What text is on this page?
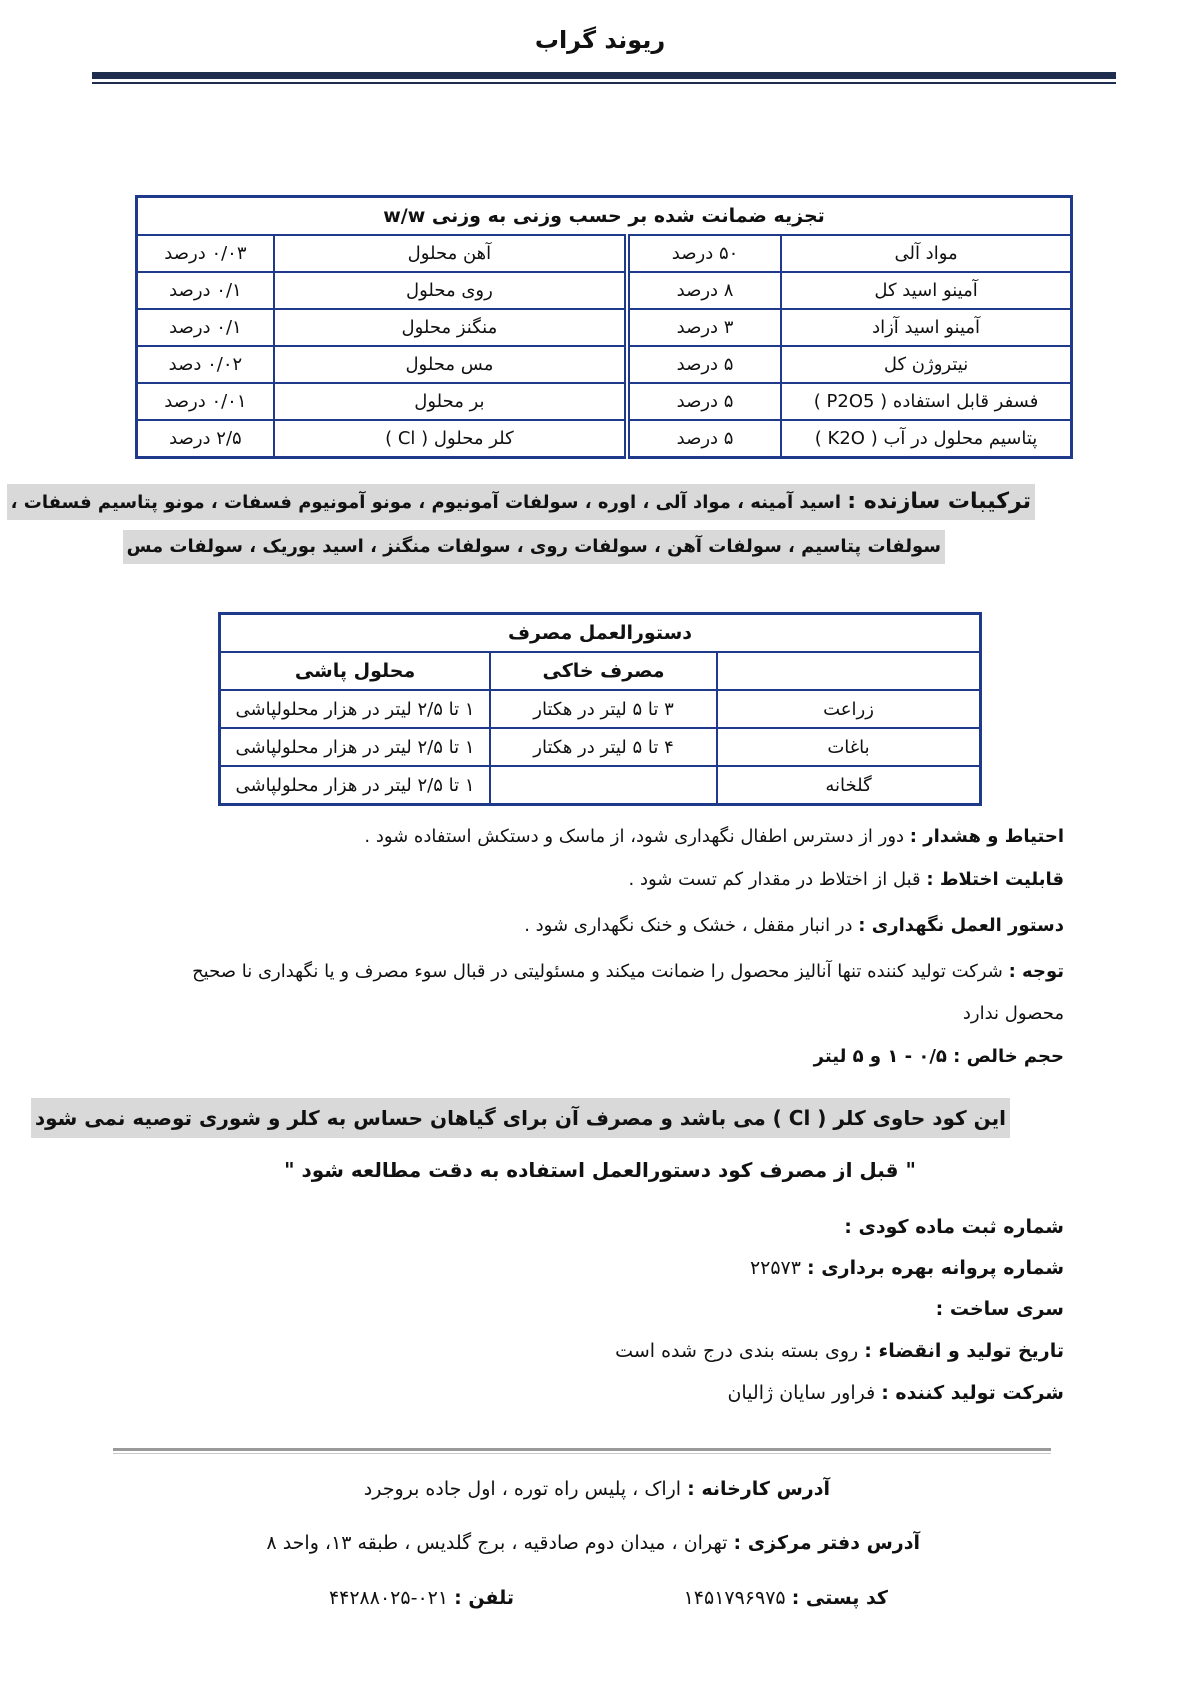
ریوند گراب
تجزیه ضمانت شده بر حسب وزنی به وزنی w/w			
مواد آلی	۵۰ درصد	آهن محلول	۰/۰۳ درصد
آمینو اسید کل	۸ درصد	روی محلول	۰/۱ درصد
آمینو اسید آزاد	۳ درصد	منگنز محلول	۰/۱ درصد
نیتروژن کل	۵ درصد	مس محلول	۰/۰۲ دصد
فسفر قابل استفاده ( P2O5 )	۵ درصد	بر محلول	۰/۰۱ درصد
پتاسیم محلول در آب ( K2O )	۵ درصد	کلر محلول ( Cl )	۲/۵ درصد
ترکیبات سازنده : اسید آمینه ، مواد آلی ، اوره ، سولفات آمونیوم ، مونو آمونیوم فسفات ، مونو پتاسیم فسفات ،
سولفات پتاسیم ، سولفات آهن ، سولفات روی ، سولفات منگنز ، اسید بوریک ، سولفات مس
دستورالعمل مصرف		
	مصرف خاکی	محلول پاشی
زراعت	۳ تا ۵ لیتر در هکتار	۱ تا ۲/۵ لیتر در هزار محلولپاشی
باغات	۴ تا ۵ لیتر در هکتار	۱ تا ۲/۵ لیتر در هزار محلولپاشی
گلخانه		۱ تا ۲/۵ لیتر در هزار محلولپاشی
احتیاط و هشدار : دور از دسترس اطفال نگهداری شود، از ماسک و دستکش استفاده شود .
قابلیت اختلاط : قبل از اختلاط در مقدار کم تست شود .
دستور العمل نگهداری : در انبار مقفل ، خشک و خنک نگهداری شود .
توجه : شرکت تولید کننده تنها آنالیز محصول را ضمانت میکند و مسئولیتی در قبال سوء مصرف و یا نگهداری نا صحیح محصول ندارد
حجم خالص : ۰/۵ - ۱ و ۵ لیتر
این کود حاوی کلر ( Cl ) می باشد و مصرف آن برای گیاهان حساس به کلر و شوری توصیه نمی شود
" قبل از مصرف کود دستورالعمل استفاده به دقت مطالعه شود "
شماره ثبت ماده کودی :
شماره پروانه بهره برداری : ۲۲۵۷۳
سری ساخت :
تاریخ تولید و انقضاء : روی بسته بندی درج شده است
شرکت تولید کننده : فراور سایان ژالیان
آدرس کارخانه : اراک ، پلیس راه توره ، اول جاده بروجرد
آدرس دفتر مرکزی : تهران ، میدان دوم صادقیه ، برج گلدیس ، طبقه ۱۳، واحد ۸
کد پستی : ۱۴۵۱۷۹۶۹۷۵
تلفن : ۰۲۱-۴۴۲۸۸۰۲۵
